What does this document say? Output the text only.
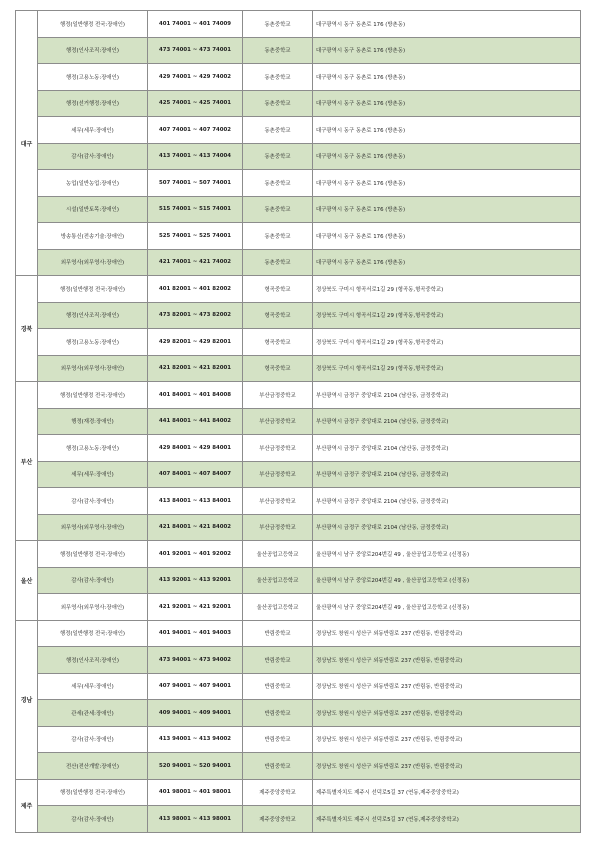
대구	행정(일반행정 전국:장애인)	401 74001 ~ 401 74009	동촌중학교	대구광역시 동구 동촌로 176 (방촌동)
	행정(인사조직:장애인)	473 74001 ~ 473 74001	동촌중학교	대구광역시 동구 동촌로 176 (방촌동)
	행정(고용노동:장애인)	429 74001 ~ 429 74002	동촌중학교	대구광역시 동구 동촌로 176 (방촌동)
	행정(선거행정:장애인)	425 74001 ~ 425 74001	동촌중학교	대구광역시 동구 동촌로 176 (방촌동)
	세무(세무:장애인)	407 74001 ~ 407 74002	동촌중학교	대구광역시 동구 동촌로 176 (방촌동)
	감사(감사:장애인)	413 74001 ~ 413 74004	동촌중학교	대구광역시 동구 동촌로 176 (방촌동)
	농업(일반농업:장애인)	507 74001 ~ 507 74001	동촌중학교	대구광역시 동구 동촌로 176 (방촌동)
	시설(일반토목:장애인)	515 74001 ~ 515 74001	동촌중학교	대구광역시 동구 동촌로 176 (방촌동)
	방송통신(전송기술:장애인)	525 74001 ~ 525 74001	동촌중학교	대구광역시 동구 동촌로 176 (방촌동)
	외무영사(외무영사:장애인)	421 74001 ~ 421 74002	동촌중학교	대구광역시 동구 동촌로 176 (방촌동)
경북	행정(일반행정 전국:장애인)	401 82001 ~ 401 82002	형곡중학교	경상북도 구미시 형곡서로1길 29 (형곡동,형곡중학교)
	행정(인사조직:장애인)	473 82001 ~ 473 82002	형곡중학교	경상북도 구미시 형곡서로1길 29 (형곡동,형곡중학교)
	행정(고용노동:장애인)	429 82001 ~ 429 82001	형곡중학교	경상북도 구미시 형곡서로1길 29 (형곡동,형곡중학교)
	외무영사(외무영사:장애인)	421 82001 ~ 421 82001	형곡중학교	경상북도 구미시 형곡서로1길 29 (형곡동,형곡중학교)
부산	행정(일반행정 전국:장애인)	401 84001 ~ 401 84008	부산금정중학교	부산광역시 금정구 중앙대로 2104 (남산동, 금정중학교)
	행정(재경:장애인)	441 84001 ~ 441 84002	부산금정중학교	부산광역시 금정구 중앙대로 2104 (남산동, 금정중학교)
	행정(고용노동:장애인)	429 84001 ~ 429 84001	부산금정중학교	부산광역시 금정구 중앙대로 2104 (남산동, 금정중학교)
	세무(세무:장애인)	407 84001 ~ 407 84007	부산금정중학교	부산광역시 금정구 중앙대로 2104 (남산동, 금정중학교)
	감사(감사:장애인)	413 84001 ~ 413 84001	부산금정중학교	부산광역시 금정구 중앙대로 2104 (남산동, 금정중학교)
	외무영사(외무영사:장애인)	421 84001 ~ 421 84002	부산금정중학교	부산광역시 금정구 중앙대로 2104 (남산동, 금정중학교)
울산	행정(일반행정 전국:장애인)	401 92001 ~ 401 92002	울산공업고등학교	울산광역시 남구 중앙로204번길 49 , 울산공업고등학교 (신정동)
	감사(감사:장애인)	413 92001 ~ 413 92001	울산공업고등학교	울산광역시 남구 중앙로204번길 49 , 울산공업고등학교 (신정동)
	외무영사(외무영사:장애인)	421 92001 ~ 421 92001	울산공업고등학교	울산광역시 남구 중앙로204번길 49 , 울산공업고등학교 (신정동)
경남	행정(일반행정 전국:장애인)	401 94001 ~ 401 94003	반림중학교	경상남도 창원시 성산구 외동반림로 237 (반림동, 반림중학교)
	행정(인사조직:장애인)	473 94001 ~ 473 94002	반림중학교	경상남도 창원시 성산구 외동반림로 237 (반림동, 반림중학교)
	세무(세무:장애인)	407 94001 ~ 407 94001	반림중학교	경상남도 창원시 성산구 외동반림로 237 (반림동, 반림중학교)
	관세(관세:장애인)	409 94001 ~ 409 94001	반림중학교	경상남도 창원시 성산구 외동반림로 237 (반림동, 반림중학교)
	감사(감사:장애인)	413 94001 ~ 413 94002	반림중학교	경상남도 창원시 성산구 외동반림로 237 (반림동, 반림중학교)
	전산(전산개발:장애인)	520 94001 ~ 520 94001	반림중학교	경상남도 창원시 성산구 외동반림로 237 (반림동, 반림중학교)
제주	행정(일반행정 전국:장애인)	401 98001 ~ 401 98001	제주중앙중학교	제주특별자치도 제주시 선덕로5길 37 (연동,제주중앙중학교)
	감사(감사:장애인)	413 98001 ~ 413 98001	제주중앙중학교	제주특별자치도 제주시 선덕로5길 37 (연동,제주중앙중학교)
